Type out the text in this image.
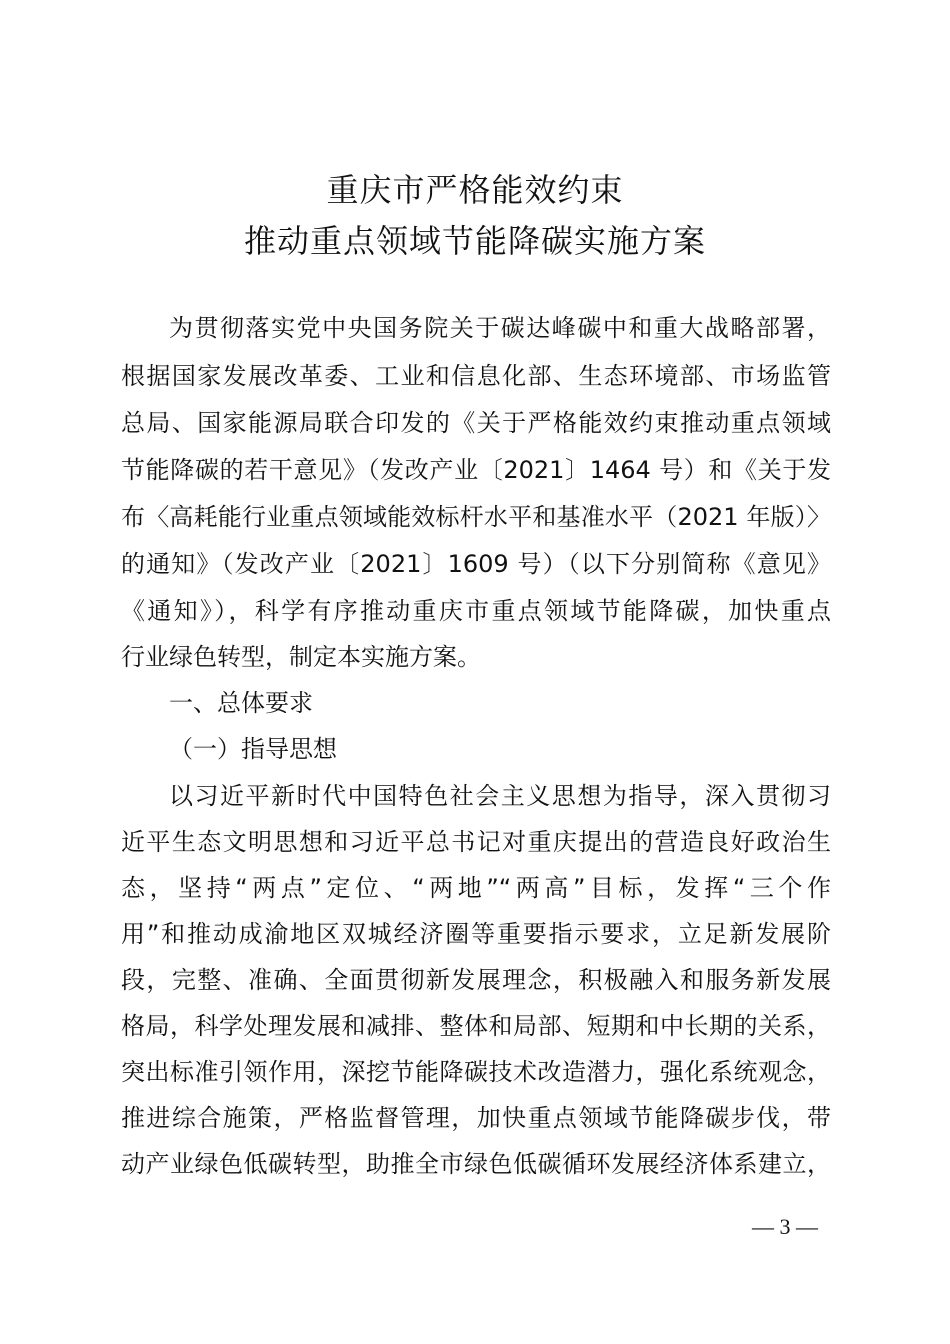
重庆市严格能效约束
推动重点领域节能降碳实施方案
为贯彻落实党中央国务院关于碳达峰碳中和重大战略部署，
根据国家发展改革委、工业和信息化部、生态环境部、市场监管
总局、国家能源局联合印发的《关于严格能效约束推动重点领域
节能降碳的若干意见》（发改产业〔2021〕1464 号）和《关于发
布〈高耗能行业重点领域能效标杆水平和基准水平（2021 年版）〉
的通知》（发改产业〔2021〕1609 号）（以下分别简称《意见》
《通知》），科学有序推动重庆市重点领域节能降碳，加快重点
行业绿色转型，制定本实施方案。
一、总体要求
（一）指导思想
以习近平新时代中国特色社会主义思想为指导，深入贯彻习
近平生态文明思想和习近平总书记对重庆提出的营造良好政治生
态，坚持“两点”定位、“两地”“两高”目标，发挥“三个作
用”和推动成渝地区双城经济圈等重要指示要求，立足新发展阶
段，完整、准确、全面贯彻新发展理念，积极融入和服务新发展
格局，科学处理发展和减排、整体和局部、短期和中长期的关系，
突出标准引领作用，深挖节能降碳技术改造潜力，强化系统观念，
推进综合施策，严格监督管理，加快重点领域节能降碳步伐，带
动产业绿色低碳转型，助推全市绿色低碳循环发展经济体系建立，
— 3 —
